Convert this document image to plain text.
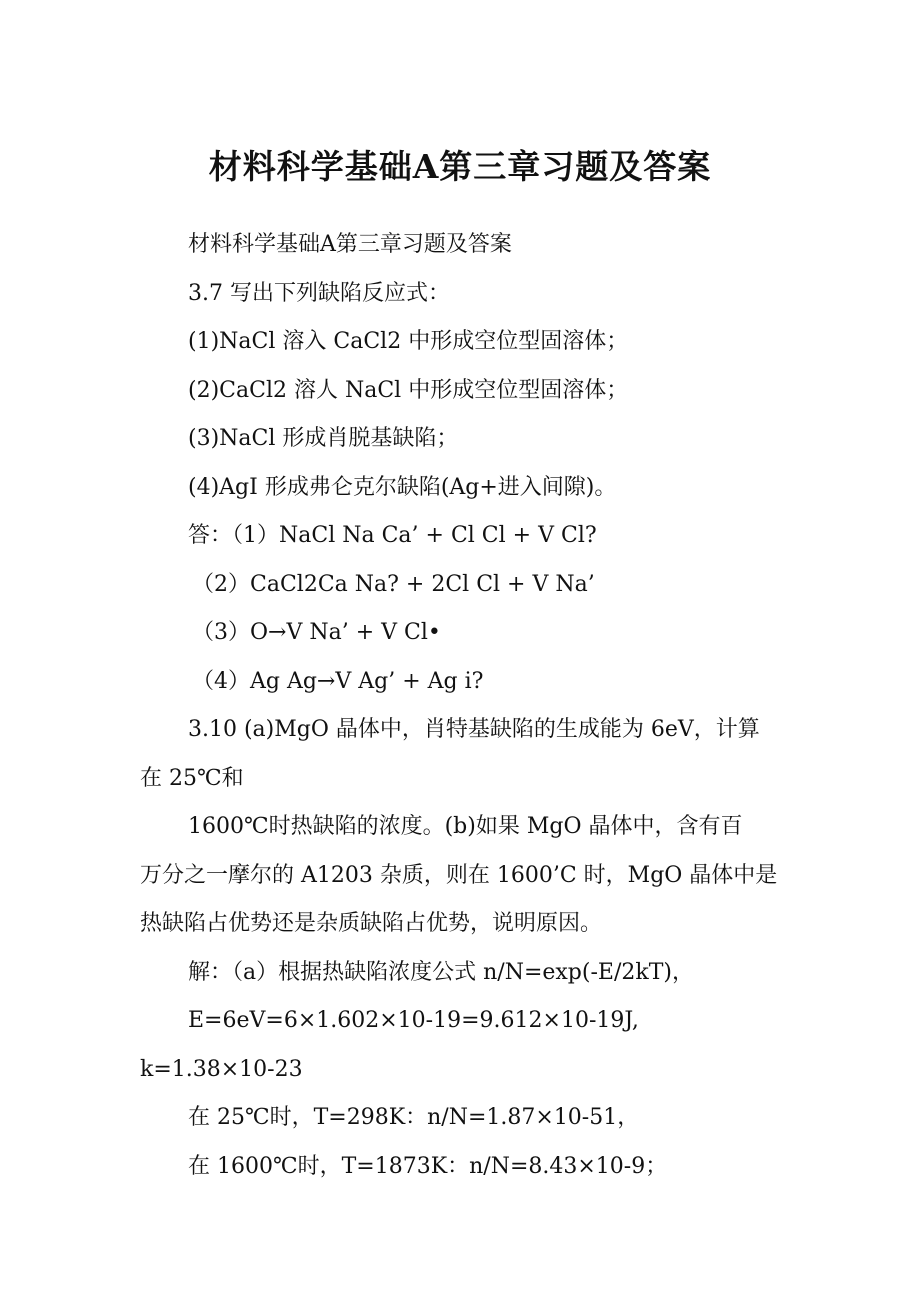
材料科学基础A第三章习题及答案
材料科学基础A第三章习题及答案
3.7 写出下列缺陷反应式：
(1)NaCl 溶入 CaCl2 中形成空位型固溶体；
(2)CaCl2 溶人 NaCl 中形成空位型固溶体；
(3)NaCl 形成肖脱基缺陷；
(4)AgI 形成弗仑克尔缺陷(Ag+进入间隙)。
答：（1）NaCl Na Ca’ + Cl Cl + V Cl?
（2）CaCl2Ca Na? + 2Cl Cl + V Na’
（3）O→V Na’ + V Cl•
（4）Ag Ag→V Ag’ + Ag i?
3.10 (a)MgO 晶体中，肖特基缺陷的生成能为 6eV，计算
在 25℃和
1600℃时热缺陷的浓度。(b)如果 MgO 晶体中，含有百
万分之一摩尔的 A1203 杂质，则在 1600’C 时，MgO 晶体中是
热缺陷占优势还是杂质缺陷占优势，说明原因。
解：（a）根据热缺陷浓度公式 n/N=exp(-E/2kT)，
E=6eV=6×1.602×10-19=9.612×10-19J,
k=1.38×10-23
在 25℃时，T=298K：n/N=1.87×10-51，
在 1600℃时，T=1873K：n/N=8.43×10-9；
